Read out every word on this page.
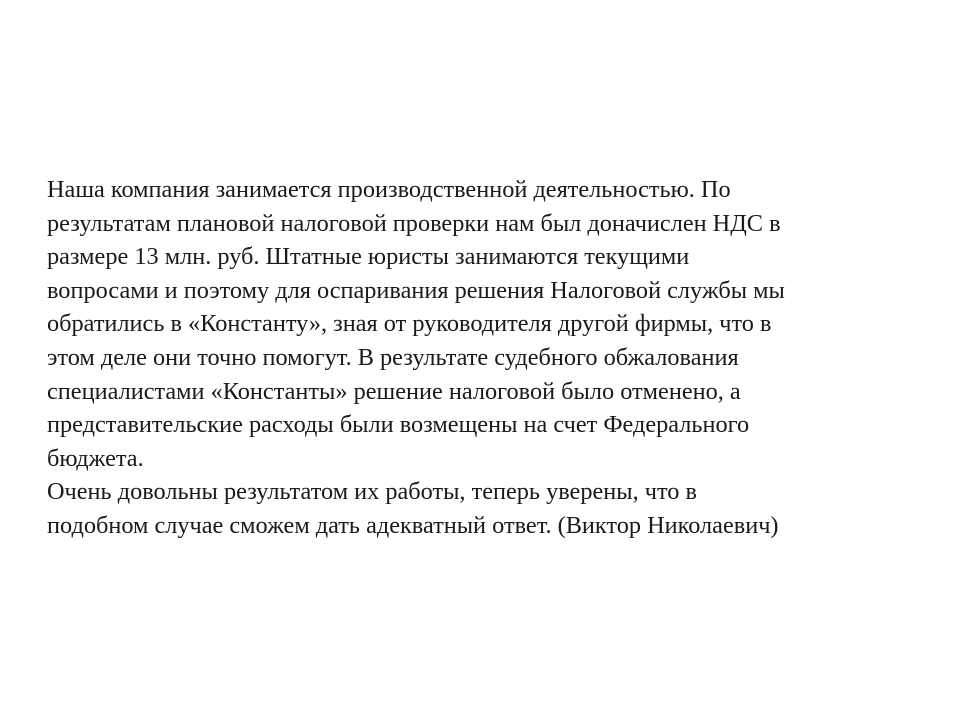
Наша компания занимается производственной деятельностью. По
результатам плановой налоговой проверки нам был доначислен НДС в
размере 13 млн. руб. Штатные юристы занимаются текущими
вопросами и поэтому для оспаривания решения Налоговой службы мы
обратились в «Константу», зная от руководителя другой фирмы, что в
этом деле они точно помогут. В результате судебного обжалования
специалистами «Константы» решение налоговой было отменено, а
представительские расходы были возмещены на счет Федерального
бюджета.
Очень довольны результатом их работы, теперь уверены, что в
подобном случае сможем дать адекватный ответ. (Виктор Николаевич)
